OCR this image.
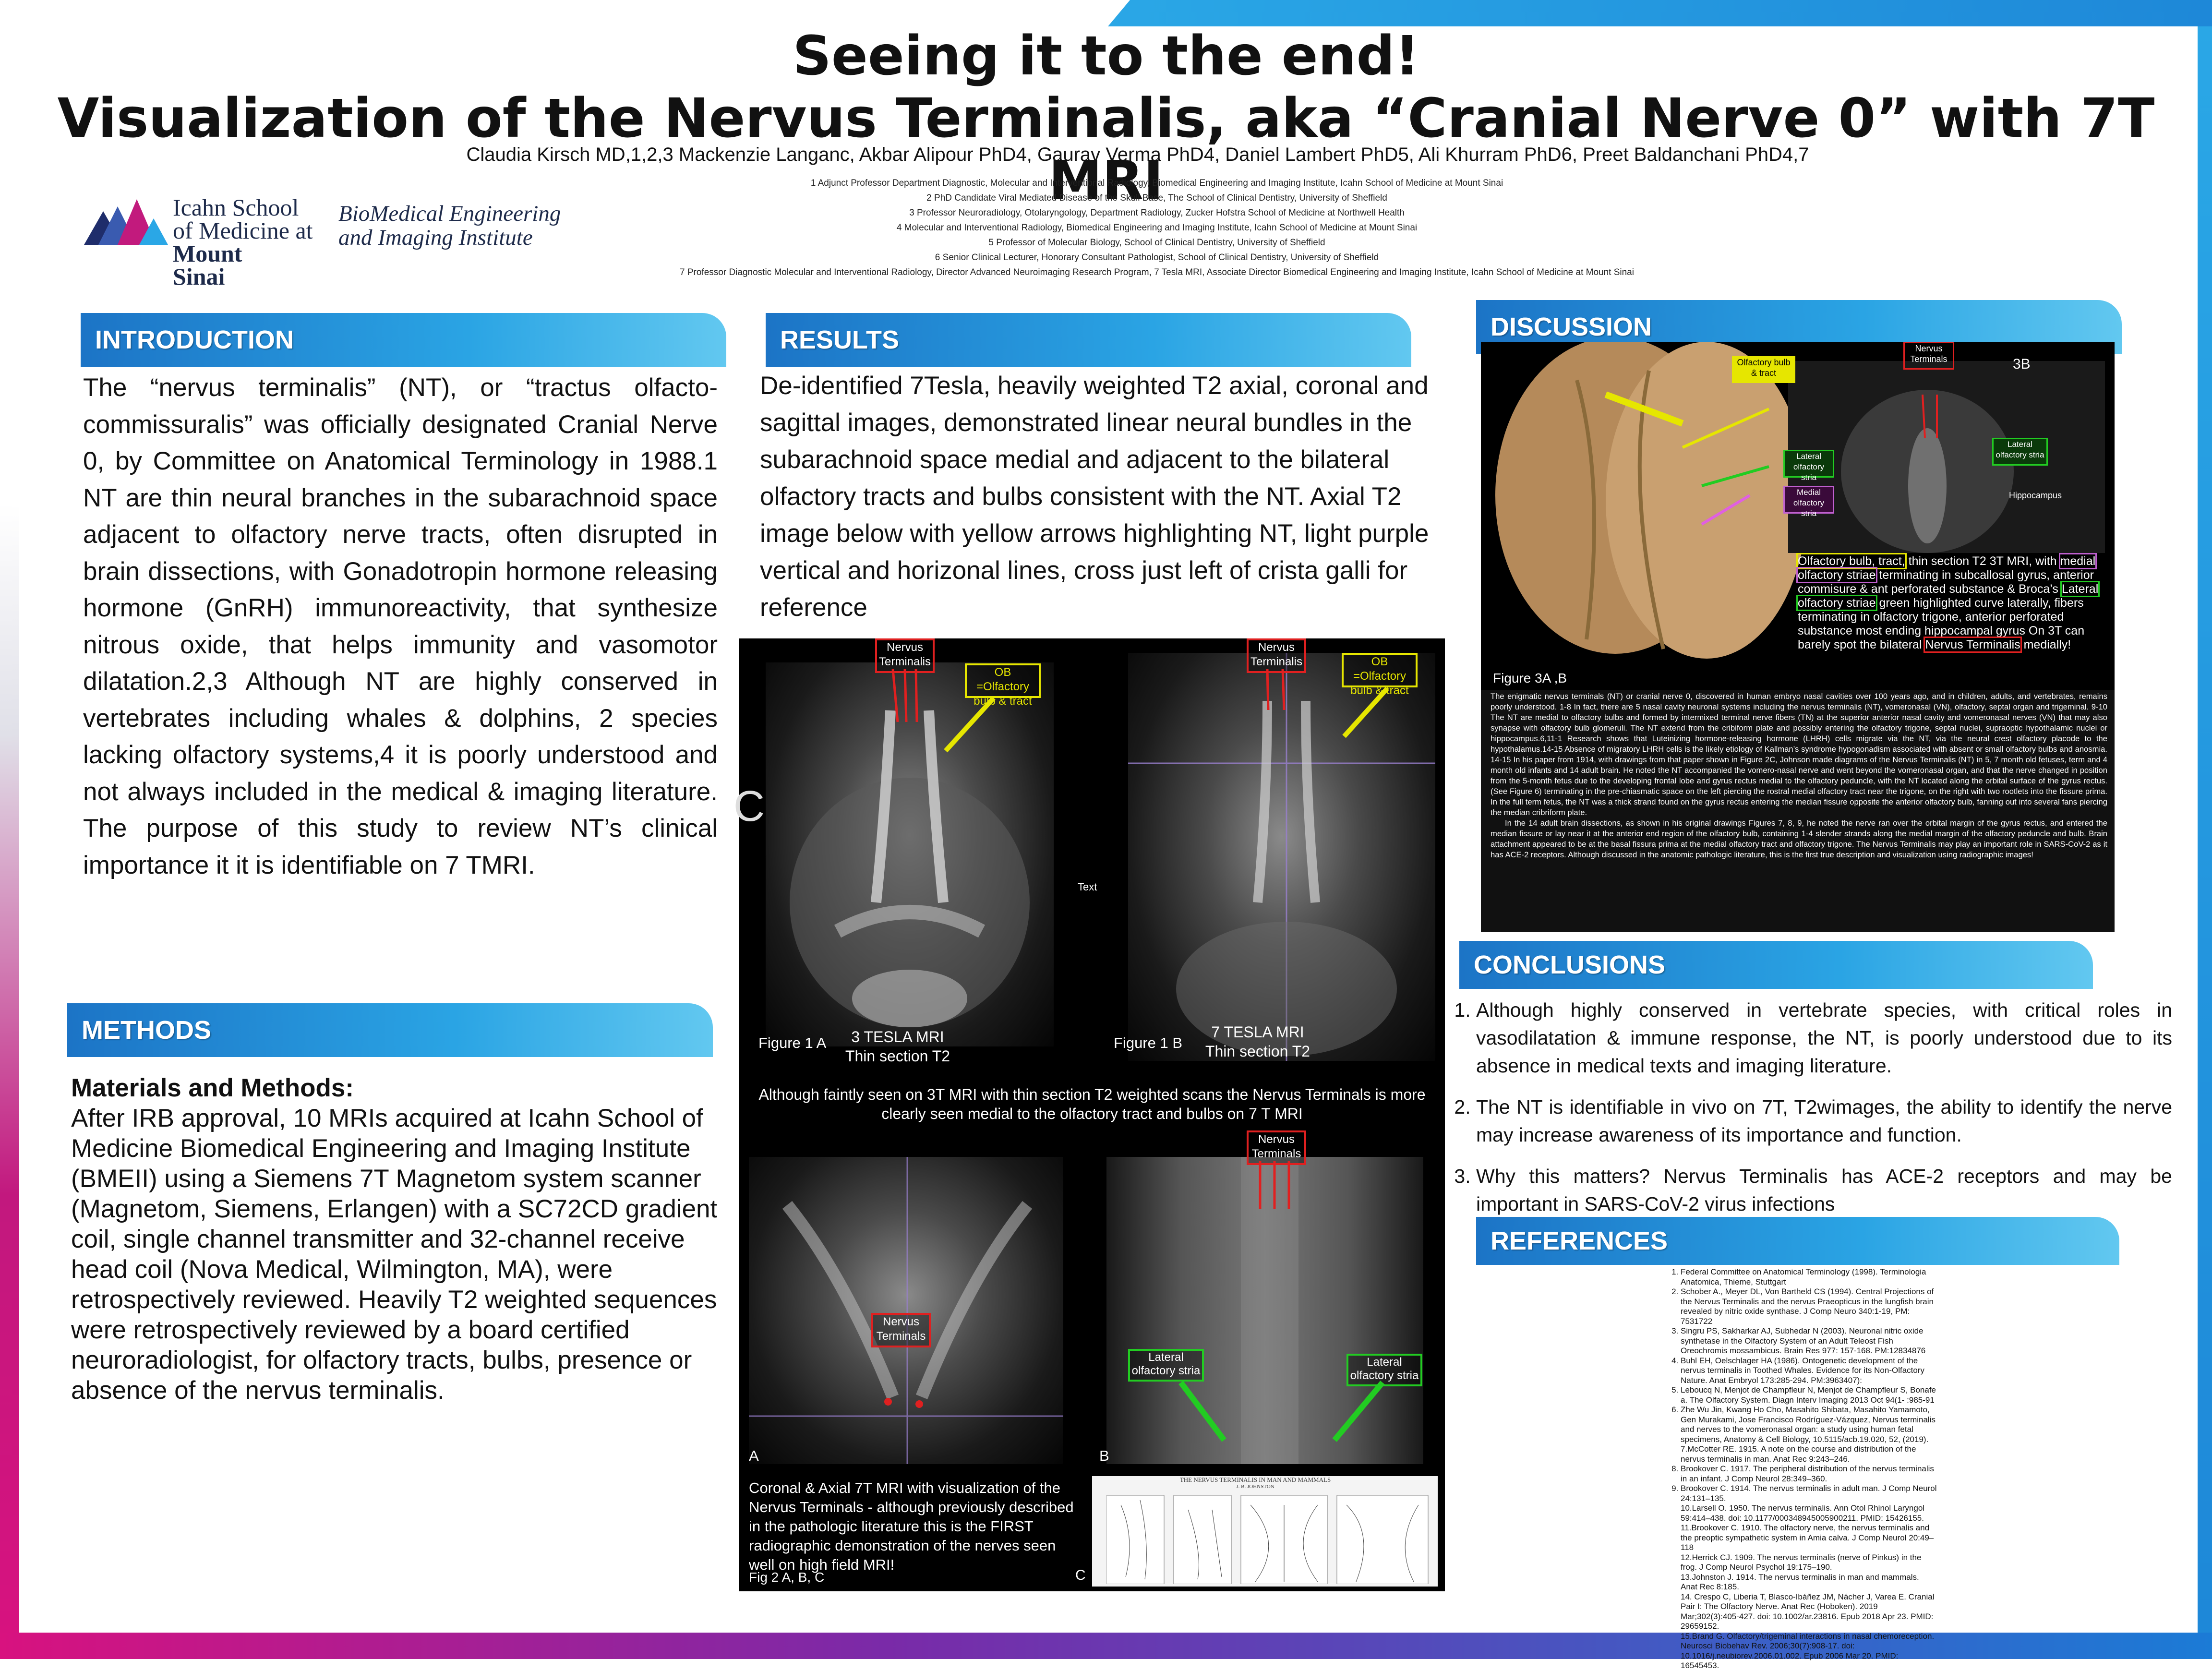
Seeing it to the end!
Visualization of the Nervus Terminalis, aka “Cranial Nerve 0” with 7T MRI
Claudia Kirsch MD,1,2,3 Mackenzie Langanc, Akbar Alipour PhD4, Gaurav Verma PhD4, Daniel Lambert PhD5, Ali Khurram PhD6, Preet Baldanchani PhD4,7
1 Adjunct Professor Department Diagnostic, Molecular and Interventional Radiology, Biomedical Engineering and Imaging Institute, Icahn School of Medicine at Mount Sinai
2 PhD Candidate Viral Mediated Disease of the Skull Base, The School of Clinical Dentistry, University of Sheffield
3 Professor Neuroradiology, Otolaryngology, Department Radiology, Zucker Hofstra School of Medicine at Northwell Health
4 Molecular and Interventional Radiology, Biomedical Engineering and Imaging Institute, Icahn School of Medicine at Mount Sinai
5 Professor of Molecular Biology, School of Clinical Dentistry, University of Sheffield
6 Senior Clinical Lecturer, Honorary Consultant Pathologist, School of Clinical Dentistry, University of Sheffield
7 Professor Diagnostic Molecular and Interventional Radiology, Director Advanced Neuroimaging Research Program, 7 Tesla MRI, Associate Director Biomedical Engineering and Imaging Institute, Icahn School of Medicine at Mount Sinai
Icahn School
of Medicine at
Mount
Sinai
BioMedical Engineering
and Imaging Institute
INTRODUCTION
The “nervus terminalis” (NT), or “tractus olfacto-commissuralis” was officially designated Cranial Nerve 0, by Committee on Anatomical Terminology in 1988.1 NT are thin neural branches in the subarachnoid space adjacent to olfactory nerve tracts, often disrupted in brain dissections, with Gonadotropin hormone releasing hormone (GnRH) immunoreactivity, that synthesize nitrous oxide, that helps immunity and vasomotor dilatation.2,3 Although NT are highly conserved in vertebrates including whales & dolphins, 2 species lacking olfactory systems,4 it is poorly understood and not always included in the medical & imaging literature. The purpose of this study to review NT’s clinical importance it it is identifiable on 7 TMRI.
METHODS
Materials and Methods:
After IRB approval, 10 MRIs acquired at Icahn School of Medicine Biomedical Engineering and Imaging Institute (BMEII) using a Siemens 7T Magnetom system scanner (Magnetom, Siemens, Erlangen) with a SC72CD gradient coil, single channel transmitter and 32-channel receive head coil (Nova Medical, Wilmington, MA), were retrospectively reviewed. Heavily T2 weighted sequences were retrospectively reviewed by a board certified neuroradiologist, for olfactory tracts, bulbs, presence or absence of the nervus terminalis.
RESULTS
De-identified 7Tesla, heavily weighted T2 axial, coronal and sagittal images, demonstrated linear neural bundles in the subarachnoid space medial and adjacent to the bilateral olfactory tracts and bulbs consistent with the NT. Axial T2 image below with yellow arrows highlighting NT, light purple vertical and horizonal lines, cross just left of crista galli for reference
Nervus Terminalis
OB =Olfactory bulb & tract
Nervus Terminalis	OB =Olfactory bulb & tract
Figure 1 A	3 TESLA MRI
Thin section T2
Figure 1 B
7 TESLA MRI
Thin section T2
Text
C
Although faintly seen on 3T MRI with thin section T2 weighted scans the Nervus Terminals is more clearly seen medial to the olfactory tract and bulbs on 7 T MRI
Nervus Terminals
Nervus Terminals
Lateral olfactory stria
Lateral olfactory stria
A	B
Coronal & Axial 7T MRI with visualization of the Nervus Terminals - although previously described in the pathologic literature this is the FIRST radiographic demonstration of the nerves seen well on high field MRI!
Fig 2 A, B, C
THE NERVUS TERMINALIS IN MAN AND MAMMALS
J. B. JOHNSTON
C
DISCUSSION
Olfactory bulb & tract
Nervus Terminals	3B
Lateral olfactory stria
Lateral olfactory stria
Medial olfactory stria
Hippocampus
Figure 3A ,B
Olfactory bulb, tract, thin section T2 3T MRI, with medial olfactory striae terminating in subcallosal gyrus, anterior commisure & ant perforated substance & Broca’s Lateral olfactory striae green highlighted curve laterally, fibers terminating in olfactory trigone, anterior perforated substance most ending hippocampal gyrus On 3T can barely spot the bilateral Nervus Terminalis medially!
The enigmatic nervus terminals (NT) or cranial nerve 0, discovered in human embryo nasal cavities over 100 years ago, and in children, adults, and vertebrates, remains poorly understood. 1-8 In fact, there are 5 nasal cavity neuronal systems including the nervus terminalis (NT), vomeronasal (VN), olfactory, septal organ and trigeminal. 9-10 The NT are medial to olfactory bulbs and formed by intermixed terminal nerve fibers (TN) at the superior anterior nasal cavity and vomeronasal nerves (VN) that may also synapse with olfactory bulb glomeruli. The NT extend from the cribiform plate and possibly entering the olfactory trigone, septal nuclei, supraoptic hypothalamic nuclei or hippocampus.6,11-1 Research shows that Luteinizing hormone-releasing hormone (LHRH) cells migrate via the NT, via the neural crest olfactory placode to the hypothalamus.14-15 Absence of migratory LHRH cells is the likely etiology of Kallman’s syndrome hypogonadism associated with absent or small olfactory bulbs and anosmia. 14-15 In his paper from 1914, with drawings from that paper shown in Figure 2C, Johnson made diagrams of the Nervus Terminalis (NT) in 5, 7 month old fetuses, term and 4 month old infants and 14 adult brain. He noted the NT accompanied the vomero-nasal nerve and went beyond the vomeronasal organ, and that the nerve changed in position from the 5-month fetus due to the developing frontal lobe and gyrus rectus medial to the olfactory peduncle, with the NT located along the orbital surface of the gyrus rectus. (See Figure 6) terminating in the pre-chiasmatic space on the left piercing the rostral medial olfactory tract near the trigone, on the right with two rootlets into the fissure prima. In the full term fetus, the NT was a thick strand found on the gyrus rectus entering the median fissure opposite the anterior olfactory bulb, fanning out into several fans piercing the median cribriform plate.
In the 14 adult brain dissections, as shown in his original drawings Figures 7, 8, 9, he noted the nerve ran over the orbital margin of the gyrus rectus, and entered the median fissure or lay near it at the anterior end region of the olfactory bulb, containing 1-4 slender strands along the medial margin of the olfactory peduncle and bulb. Brain attachment appeared to be at the basal fissura prima at the medial olfactory tract and olfactory trigone. The Nervus Terminalis may play an important role in SARS-CoV-2 as it has ACE-2 receptors. Although discussed in the anatomic pathologic literature, this is the first true description and visualization using radiographic images!
CONCLUSIONS
1. Although highly conserved in vertebrate species, with critical roles in vasodilatation & immune response, the NT, is poorly understood due to its absence in medical texts and imaging literature.
2. The NT is identifiable in vivo on 7T, T2wimages, the ability to identify the nerve may increase awareness of its importance and function.
3. Why this matters? Nervus Terminalis has ACE-2 receptors and may be important in SARS-CoV-2 virus infections
REFERENCES
1. Federal Committee on Anatomical Terminology (1998). Terminologia Anatomica, Thieme, Stuttgart
2. Schober A., Meyer DL, Von Bartheld CS (1994). Central Projections of the Nervus Terminalis and the nervus Praeopticus in the lungfish brain revealed by nitric oxide synthase. J Comp Neuro 340:1-19, PM: 7531722
3. Singru PS, Sakharkar AJ, Subhedar N (2003). Neuronal nitric oxide synthetase in the Olfactory System of an Adult Teleost Fish Oreochromis mossambicus. Brain Res 977: 157-168. PM:12834876
4. Buhl EH, Oelschlager HA (1986). Ontogenetic development of the nervus terminalis in Toothed Whales. Evidence for its Non-Olfactory Nature. Anat Embryol 173:285-294. PM:3963407):
5. Leboucq N, Menjot de Champfleur N, Menjot de Champfleur S, Bonafe a. The Olfactory System. Diagn Interv Imaging 2013 Oct 94(1- :985-91
6. Zhe Wu Jin, Kwang Ho Cho, Masahito Shibata, Masahito Yamamoto, Gen Murakami, Jose Francisco Rodríguez-Vázquez, Nervus terminalis and nerves to the vomeronasal organ: a study using human fetal specimens, Anatomy & Cell Biology, 10.5115/acb.19.020, 52, (2019).
7.McCotter RE. 1915. A note on the course and distribution of the nervus terminalis in man. Anat Rec 9:243–246.
8. Brookover C. 1917. The peripheral distribution of the nervus terminalis in an infant. J Comp Neurol 28:349–360.
9. Brookover C. 1914. The nervus terminalis in adult man. J Comp Neurol 24:131–135.
10.Larsell O. 1950. The nervus terminalis. Ann Otol Rhinol Laryngol 59:414–438. doi: 10.1177/000348945005900211. PMID: 15426155.
11.Brookover C. 1910. The olfactory nerve, the nervus terminalis and the preoptic sympathetic system in Amia calva. J Comp Neurol 20:49–118
12.Herrick CJ. 1909. The nervus terminalis (nerve of Pinkus) in the frog. J Comp Neurol Psychol 19:175–190.
13.Johnston J. 1914. The nervus terminalis in man and mammals. Anat Rec 8:185.
14. Crespo C, Liberia T, Blasco-Ibáñez JM, Nácher J, Varea E. Cranial Pair I: The Olfactory Nerve. Anat Rec (Hoboken). 2019 Mar;302(3):405-427. doi: 10.1002/ar.23816. Epub 2018 Apr 23. PMID: 29659152.
15.Brand G. Olfactory/trigeminal interactions in nasal chemoreception. Neurosci Biobehav Rev. 2006;30(7):908-17. doi: 10.1016/j.neubiorev.2006.01.002. Epub 2006 Mar 20. PMID: 16545453.
